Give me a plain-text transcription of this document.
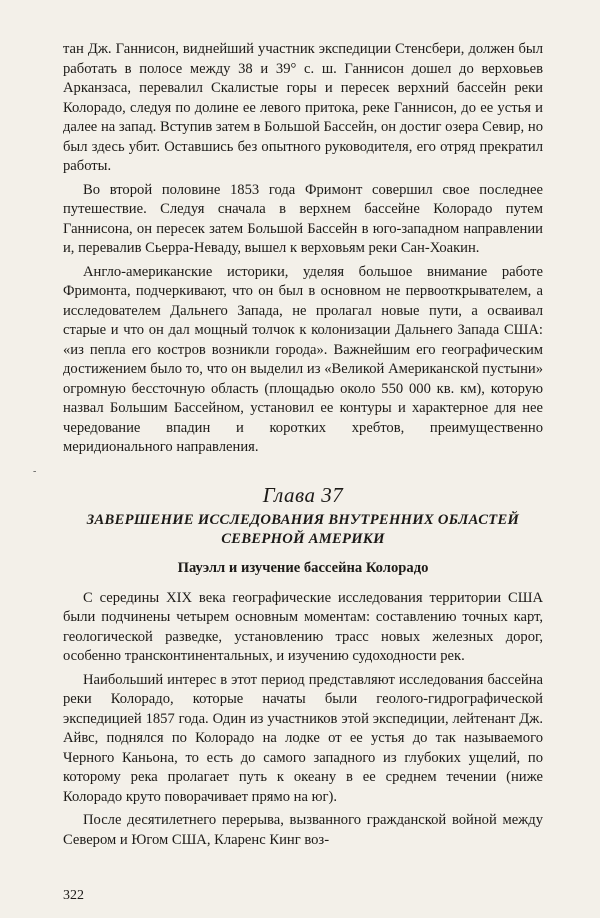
-

тан Дж. Ганнисон, виднейший участник экспедиции Стенсбери, должен был работать в полосе между 38 и 39° с. ш. Ганнисон дошел до верховьев Арканзаса, перевалил Скалистые горы и пересек верхний бассейн реки Колорадо, следуя по долине ее левого притока, реке Ганнисон, до ее устья и далее на запад. Вступив затем в Большой Бассейн, он достиг озера Севир, но был здесь убит. Оставшись без опытного руководителя, его отряд прекратил работы.

Во второй половине 1853 года Фримонт совершил свое последнее путешествие. Следуя сначала в верхнем бассейне Колорадо путем Ганнисона, он пересек затем Большой Бассейн в юго-западном направлении и, перевалив Сьерра-Неваду, вышел к верховьям реки Сан-Хоакин.

Англо-американские историки, уделяя большое внимание работе Фримонта, подчеркивают, что он был в основном не первооткрывателем, а исследователем Дальнего Запада, не пролагал новые пути, а осваивал старые и что он дал мощный толчок к колонизации Дальнего Запада США: «из пепла его костров возникли города». Важнейшим его географическим достижением было то, что он выделил из «Великой Американской пустыни» огромную бессточную область (площадью около 550 000 кв. км), которую назвал Большим Бассейном, установил ее контуры и характерное для нее чередование впадин и коротких хребтов, преимущественно меридионального направления.

Глава 37
ЗАВЕРШЕНИЕ ИССЛЕДОВАНИЯ ВНУТРЕННИХ ОБЛАСТЕЙ СЕВЕРНОЙ АМЕРИКИ
Пауэлл и изучение бассейна Колорадо

С середины XIX века географические исследования территории США были подчинены четырем основным моментам: составлению точных карт, геологической разведке, установлению трасс новых железных дорог, особенно трансконтинентальных, и изучению судоходности рек.

Наибольший интерес в этот период представляют исследования бассейна реки Колорадо, которые начаты были геолого-гидрографической экспедицией 1857 года. Один из участников этой экспедиции, лейтенант Дж. Айвс, поднялся по Колорадо на лодке от ее устья до так называемого Черного Каньона, то есть до самого западного из глубоких ущелий, по которому река пролагает путь к океану в ее среднем течении (ниже Колорадо круто поворачивает прямо на юг).

После десятилетнего перерыва, вызванного гражданской войной между Севером и Югом США, Кларенс Кинг воз-

322
